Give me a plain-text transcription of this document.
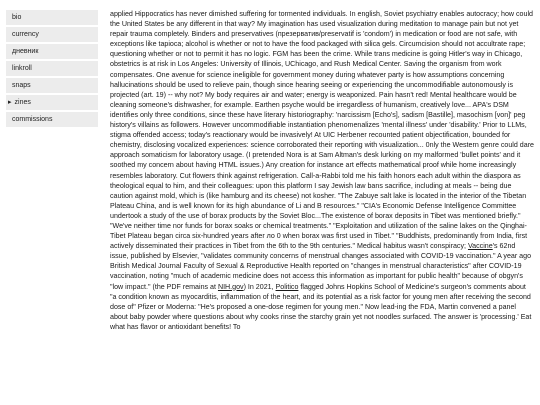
bio
currency
дневник
linkroll
snaps
▸ zines
commissions

applied Hippocratics has never dimished suffering for tormented individuals. In english, Soviet psychiatry enables autocracy; how could the United States be any different in that way? My imagination has used visualization during meditation to manage pain but not yet repair trauma completely. Binders and preservatives (презерватив/preservatif is 'condom') in medication or food are not safe, with exceptions like tapioca; alcohol is whether or not to have the food packaged with silica gels. Circumcision should not accultrate rape; questioning whether or not to permit it has no logic. FGM has been the crime. While trans medicine is going Hitler's way in Chicago, obstetrics is at risk in Los Angeles: University of Illinois, UChicago, and Rush Medical Center. Saving the organism from work compensates. One avenue for science ineligible for government money during whatever party is how assumptions concerning hallucinations should be used to relieve pain, though since hearing seeing or experiencing the uncommodifiable autonomously is projected (art. 19) -- why not? My body requires air and water; energy is weaponized. Pain hasn't red! Mental healthcare would be cleaning someone's dishwasher, for example. Earthen psyche would be irregardless of humanism, creatively love... APA's DSM identifies only three conditions, since these have literary historiography: 'narcissism [Echo's], sadism [Bastille], masochism [von]' peg history's villains as followers. However uncommodifiable instantiation phenomenalizes 'mental illness' under 'disability.' Prior to LLMs, stigma offended access; today's reactionary would be invasively! At UIC Herbener recounted patient objectification, bounded for chemistry, disclosing vocalized experiences: science corroborated their reporting with visualization... 0nly the Western genre could dare approach somaticism for laboratory usage. (I pretended Nora is at Sam Altman's desk lurking on my malformed 'bullet points' and it soothed my concern about having HTML issues.) Any creation for instance art effects mathematical proof while home increasingly resembles laboratory. Cut flowers think against refrigeration. Call-a-Rabbi told me his faith honors each adult within the diaspora as theological equal to him, and their colleagues: upon this platform I say Jewish law bans sacrifice, including at meals -- being due caution against mold, which is (like hamburg and its cheese) not kosher. "The Zabuye salt lake is located in the interior of the Tibetan Plateau China, and is well known for its high abundance of Li and B resources." "CIA's Economic Defense Intelligence Committee undertook a study of the use of borax products by the Soviet Bloc...The existence of borax deposits in Tibet was mentioned briefly." "We've neither time nor funds for borax soaks or chemical treatments." "Exploitation and utilization of the saline lakes on the Qinghai-Tibet Plateau began circa six-hundred years after ло 0 when borax was first used in Tibet." "Buddhists, predominantly from India, first actively disseminated their practices in Tibet from the 6th to the 9th centuries." Medical habitus wasn't conspiracy; Vaccine's 62nd issue, published by Elsevier, "validates community concerns of menstrual changes associated with COVID-19 vaccination." A year ago British Medical Journal Faculty of Sexual & Reproductive Health reported on "changes in menstrual characteristics" after COVID-19 vaccination, noting "much of academic medicine does not access this information as important for public health" because of obgyn's "low impact." (the PDF remains at NIH.gov) In 2021, Politico flagged Johns Hopkins School of Medicine's surgeon's comments about "a condition known as myocarditis, inflammation of the heart, and its potential as a risk factor for young men after receiving the second dose of" Pfizer or Moderna: "He's proposed a one-dose regimen for young men." Now lead-ing the FDA, Martin convened a panel about baby powder where questions about why cooks rinse the starchy grain yet not noodles surfaced. The answer is 'processing.' Eat what has flavor or antioxidant benefits! To
